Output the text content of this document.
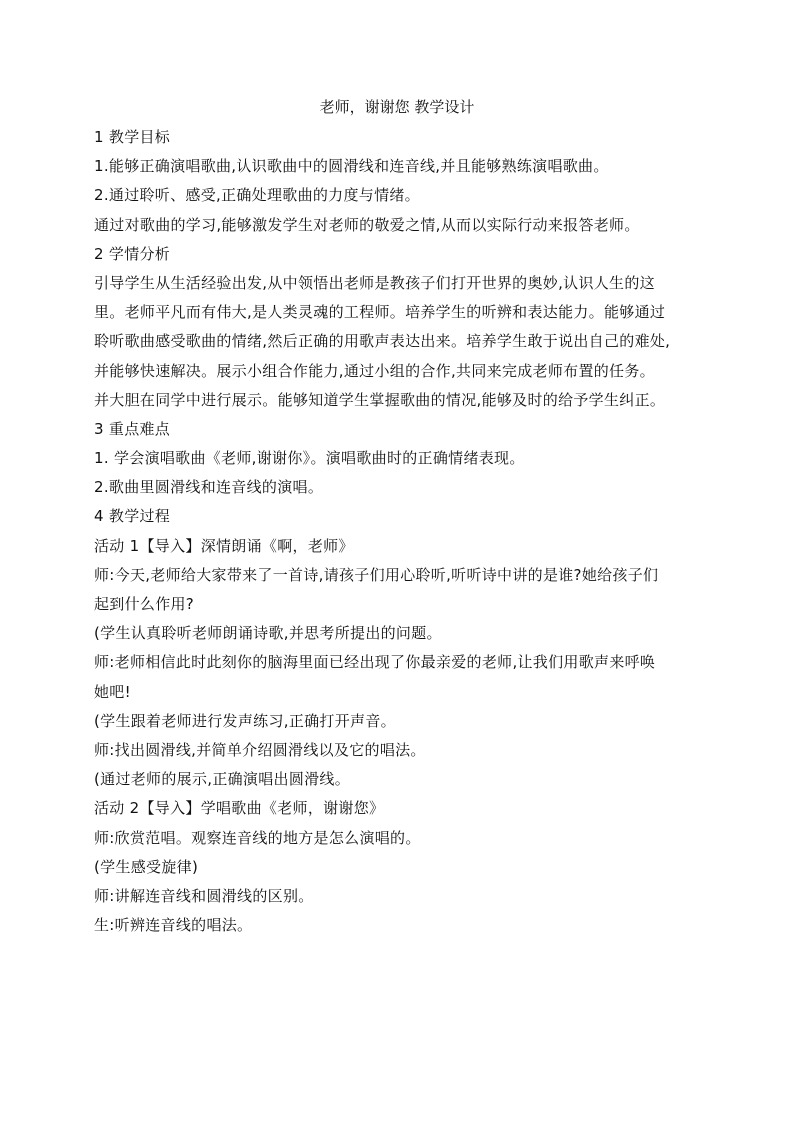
老师，谢谢您 教学设计
1 教学目标
1.能够正确演唱歌曲,认识歌曲中的圆滑线和连音线,并且能够熟练演唱歌曲。
2.通过聆听、感受,正确处理歌曲的力度与情绪。
通过对歌曲的学习,能够激发学生对老师的敬爱之情,从而以实际行动来报答老师。
2 学情分析
引导学生从生活经验出发,从中领悟出老师是教孩子们打开世界的奥妙,认识人生的这
里。老师平凡而有伟大,是人类灵魂的工程师。培养学生的听辨和表达能力。能够通过
聆听歌曲感受歌曲的情绪,然后正确的用歌声表达出来。培养学生敢于说出自己的难处,
并能够快速解决。展示小组合作能力,通过小组的合作,共同来完成老师布置的任务。
并大胆在同学中进行展示。能够知道学生掌握歌曲的情况,能够及时的给予学生纠正。
3 重点难点
1. 学会演唱歌曲《老师,谢谢你》。演唱歌曲时的正确情绪表现。
2.歌曲里圆滑线和连音线的演唱。
4 教学过程
活动 1【导入】深情朗诵《啊，老师》
师:今天,老师给大家带来了一首诗,请孩子们用心聆听,听听诗中讲的是谁?她给孩子们
起到什么作用?
(学生认真聆听老师朗诵诗歌,并思考所提出的问题。
师:老师相信此时此刻你的脑海里面已经出现了你最亲爱的老师,让我们用歌声来呼唤
她吧!
(学生跟着老师进行发声练习,正确打开声音。
师:找出圆滑线,并简单介绍圆滑线以及它的唱法。
(通过老师的展示,正确演唱出圆滑线。
活动 2【导入】学唱歌曲《老师，谢谢您》
师:欣赏范唱。观察连音线的地方是怎么演唱的。
(学生感受旋律)
师:讲解连音线和圆滑线的区别。
生:听辨连音线的唱法。
